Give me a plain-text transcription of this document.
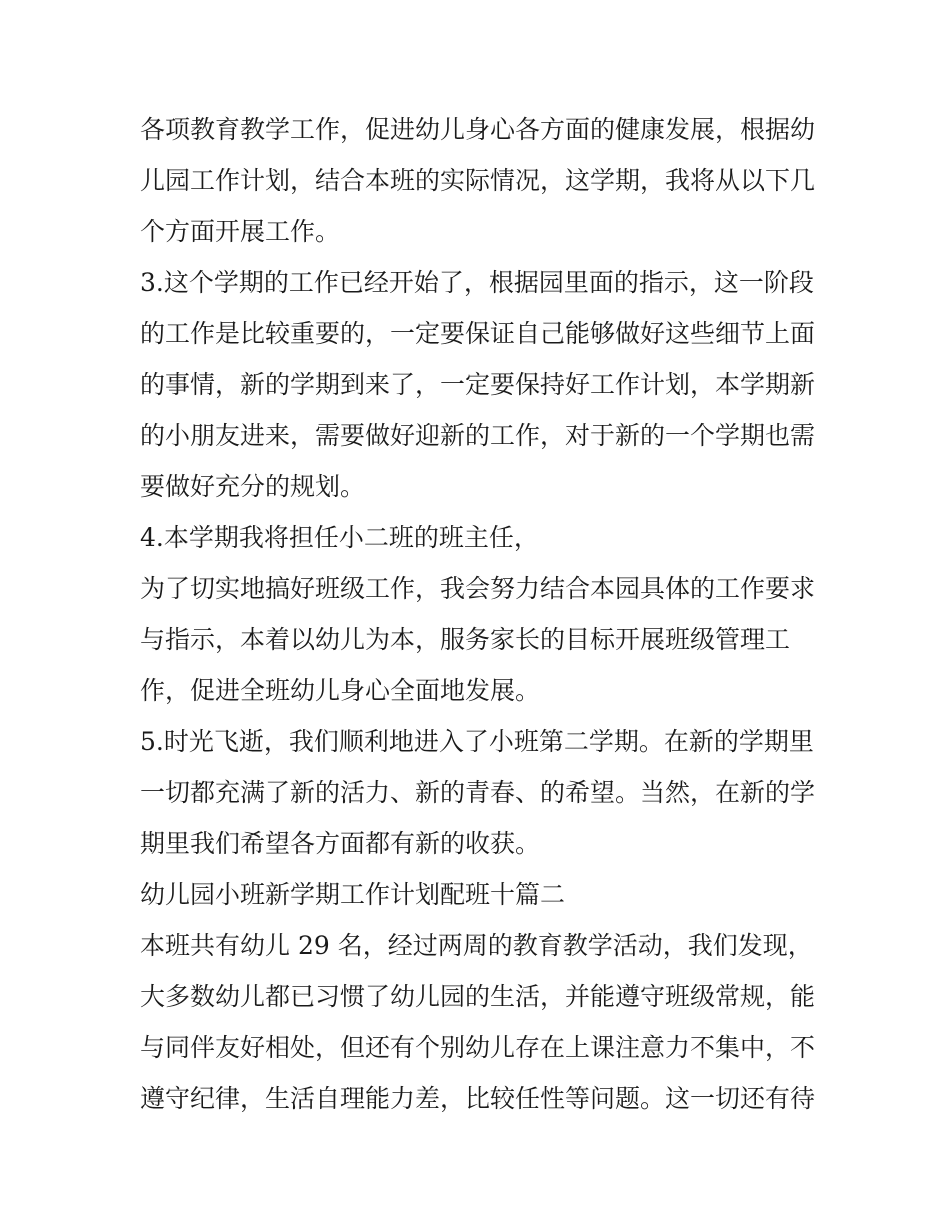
各项教育教学工作，促进幼儿身心各方面的健康发展，根据幼
儿园工作计划，结合本班的实际情况，这学期，我将从以下几
个方面开展工作。
3.这个学期的工作已经开始了，根据园里面的指示，这一阶段
的工作是比较重要的，一定要保证自己能够做好这些细节上面
的事情，新的学期到来了，一定要保持好工作计划，本学期新
的小朋友进来，需要做好迎新的工作，对于新的一个学期也需
要做好充分的规划。
4.本学期我将担任小二班的班主任，
为了切实地搞好班级工作，我会努力结合本园具体的工作要求
与指示，本着以幼儿为本，服务家长的目标开展班级管理工
作，促进全班幼儿身心全面地发展。
5.时光飞逝，我们顺利地进入了小班第二学期。在新的学期里
一切都充满了新的活力、新的青春、的希望。当然，在新的学
期里我们希望各方面都有新的收获。
幼儿园小班新学期工作计划配班十篇二
本班共有幼儿 29 名，经过两周的教育教学活动，我们发现，
大多数幼儿都已习惯了幼儿园的生活，并能遵守班级常规，能
与同伴友好相处，但还有个别幼儿存在上课注意力不集中，不
遵守纪律，生活自理能力差，比较任性等问题。这一切还有待
